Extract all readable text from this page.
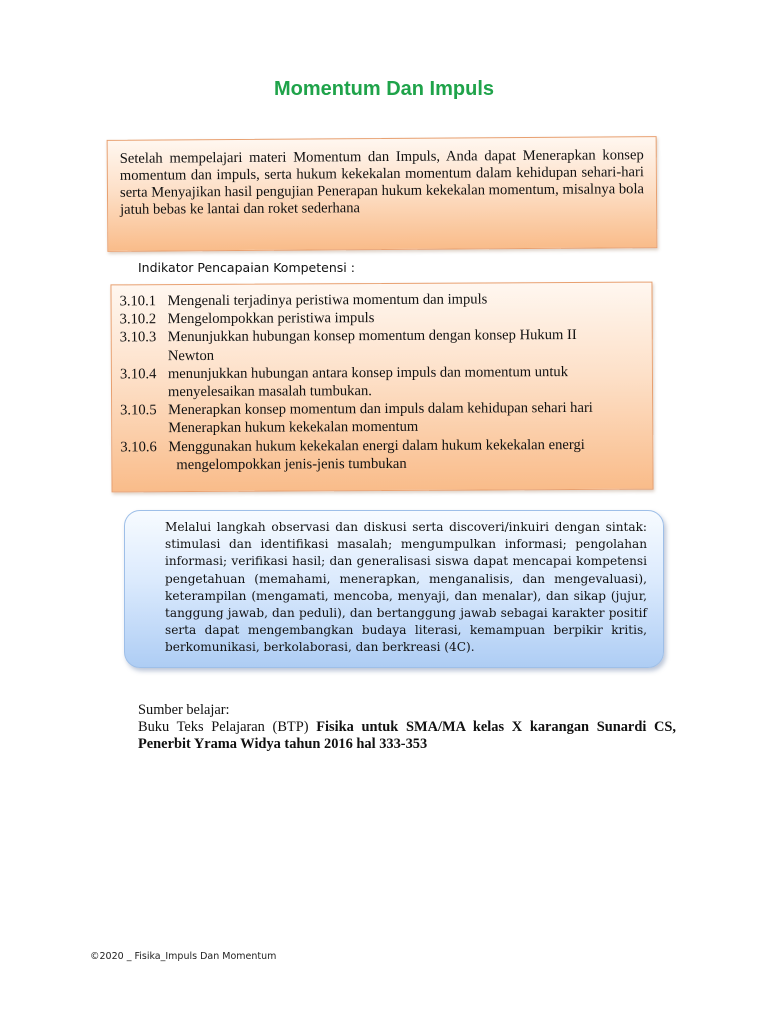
Momentum Dan Impuls
Setelah mempelajari materi Momentum dan Impuls, Anda dapat Menerapkan konsep momentum dan impuls, serta hukum kekekalan momentum dalam kehidupan sehari-hari serta Menyajikan hasil pengujian Penerapan hukum kekekalan momentum, misalnya bola jatuh bebas ke lantai dan roket sederhana
Indikator Pencapaian Kompetensi :
3.10.1 Mengenali terjadinya peristiwa momentum dan impuls
3.10.2 Mengelompokkan peristiwa impuls
3.10.3 Menunjukkan hubungan konsep momentum dengan konsep Hukum II
Newton
3.10.4 menunjukkan hubungan antara konsep impuls dan momentum untuk
menyelesaikan masalah tumbukan.
3.10.5 Menerapkan konsep momentum dan impuls dalam kehidupan sehari hari
Menerapkan hukum kekekalan momentum
3.10.6 Menggunakan hukum kekekalan energi dalam hukum kekekalan energi
mengelompokkan jenis-jenis tumbukan
Melalui langkah observasi dan diskusi serta discoveri/inkuiri dengan sintak: stimulasi dan identifikasi masalah; mengumpulkan informasi; pengolahan informasi; verifikasi hasil; dan generalisasi siswa dapat mencapai kompetensi pengetahuan (memahami, menerapkan, menganalisis, dan mengevaluasi), keterampilan (mengamati, mencoba, menyaji, dan menalar), dan sikap (jujur, tanggung jawab, dan peduli), dan bertanggung jawab sebagai karakter positif serta dapat mengembangkan budaya literasi, kemampuan berpikir kritis, berkomunikasi, berkolaborasi, dan berkreasi (4C).
Sumber belajar:
Buku Teks Pelajaran (BTP) Fisika untuk SMA/MA kelas X karangan Sunardi CS, Penerbit Yrama Widya tahun 2016 hal 333-353
©2020 _ Fisika_Impuls Dan Momentum
